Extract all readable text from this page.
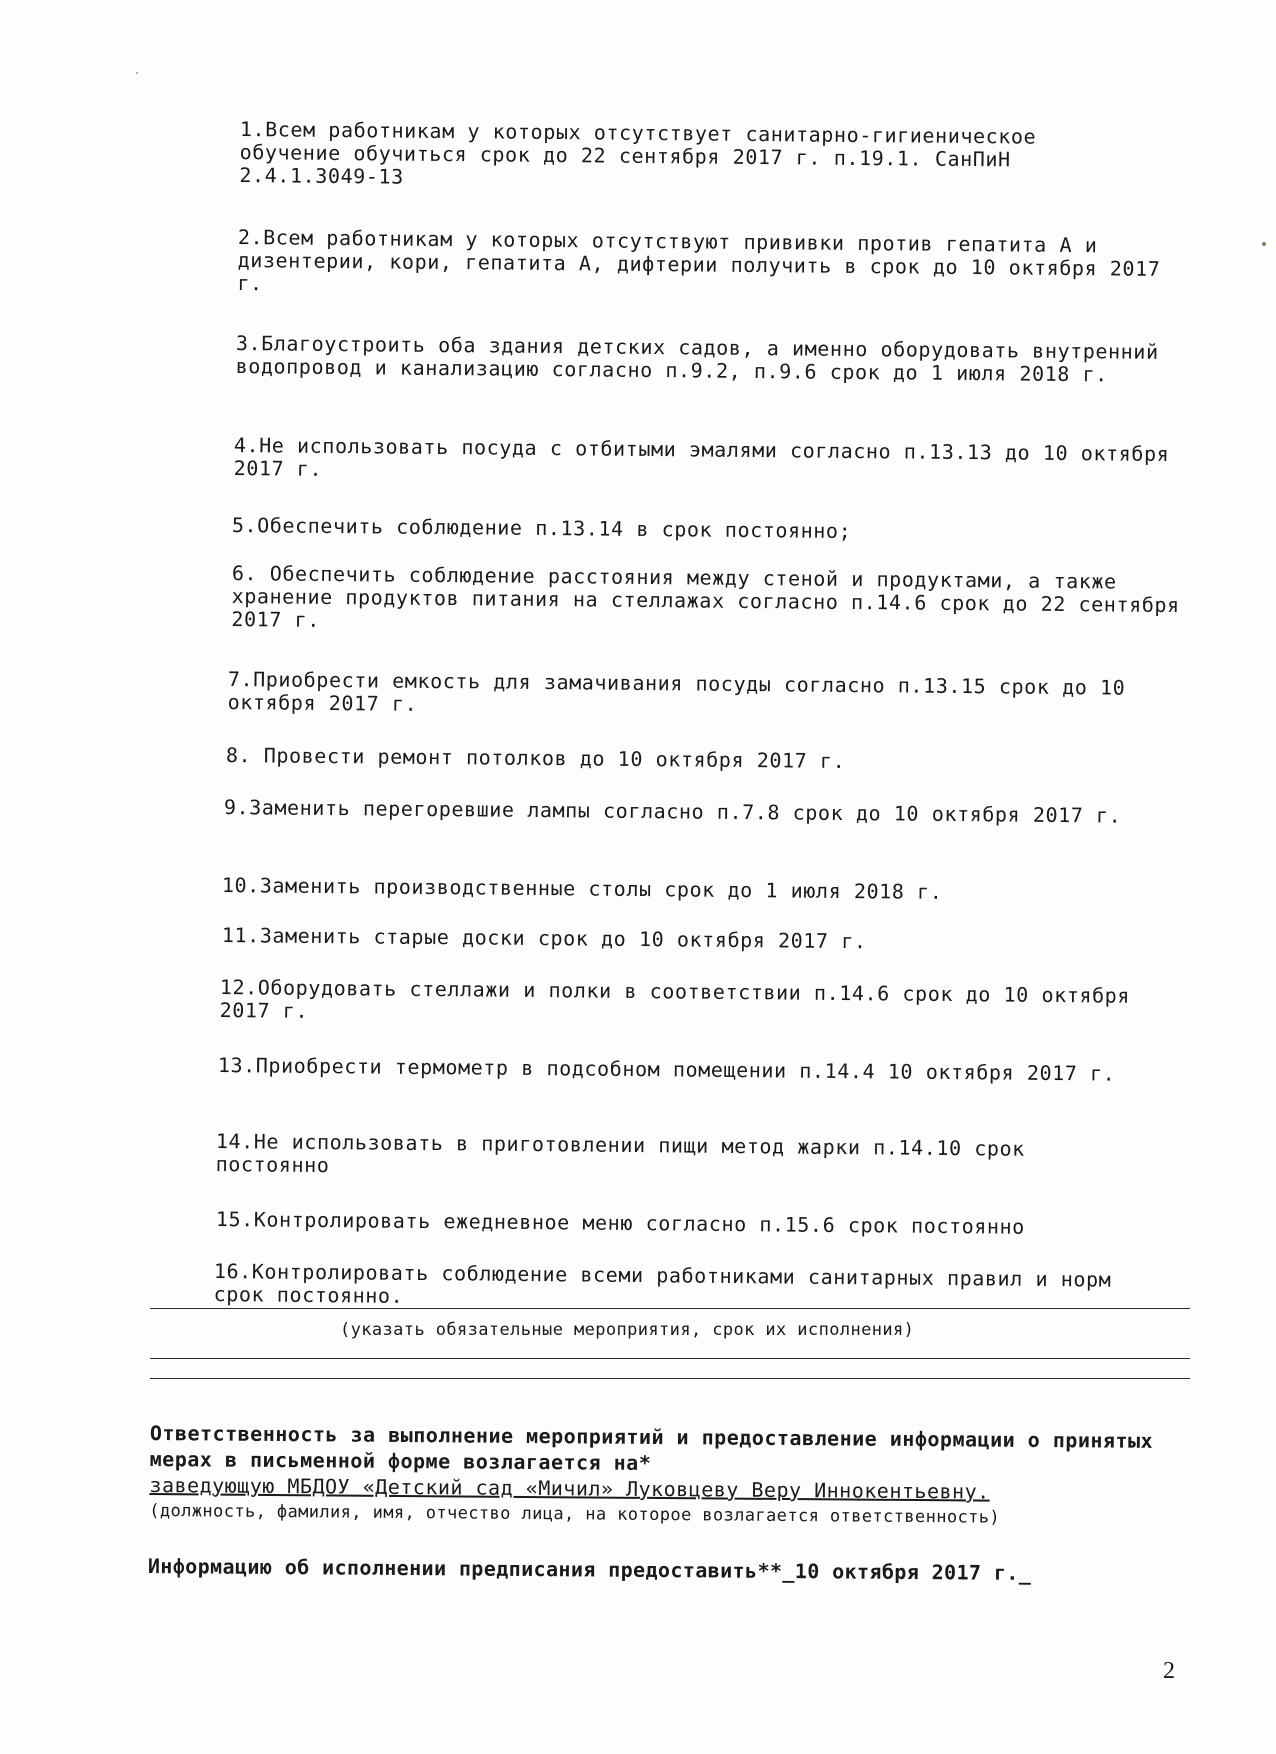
1.Всем работникам у которых отсутствует санитарно-гигиеническое обучение обучиться срок до 22 сентября 2017 г. п.19.1. СанПиН 2.4.1.3049-13
2.Всем работникам у которых отсутствуют прививки против гепатита А и дизентерии, кори, гепатита А, дифтерии получить в срок до 10 октября 2017 г.
3.Благоустроить оба здания детских садов, а именно оборудовать внутренний водопровод и канализацию согласно п.9.2, п.9.6 срок до 1 июля 2018 г.
4.Не использовать посуда с отбитыми эмалями согласно п.13.13 до 10 октября 2017 г.
5.Обеспечить соблюдение п.13.14 в срок постоянно;
6. Обеспечить соблюдение расстояния между стеной и продуктами, а также хранение продуктов питания на стеллажах согласно п.14.6 срок до 22 сентября 2017 г.
7.Приобрести емкость для замачивания посуды согласно п.13.15 срок до 10 октября 2017 г.
8. Провести ремонт потолков до 10 октября 2017 г.
9.Заменить перегоревшие лампы согласно п.7.8 срок до 10 октября 2017 г.
10.Заменить производственные столы срок до 1 июля 2018 г.
11.Заменить старые доски срок до 10 октября 2017 г.
12.Оборудовать стеллажи и полки в соответствии п.14.6 срок до 10 октября 2017 г.
13.Приобрести термометр в подсобном помещении п.14.4 10 октября 2017 г.
14.Не использовать в приготовлении пищи метод жарки п.14.10 срок постоянно
15.Контролировать ежедневное меню согласно п.15.6 срок постоянно
16.Контролировать соблюдение всеми работниками санитарных правил и норм срок постоянно.
(указать обязательные мероприятия, срок их исполнения)
Ответственность за выполнение мероприятий и предоставление информации о принятых мерах в письменной форме возлагается на*
заведующую МБДОУ «Детский сад «Мичил» Луковцеву Веру Иннокентьевну.
(должность, фамилия, имя, отчество лица, на которое возлагается ответственность)
Информацию об исполнении предписания предоставить**_10 октября 2017 г._
2
